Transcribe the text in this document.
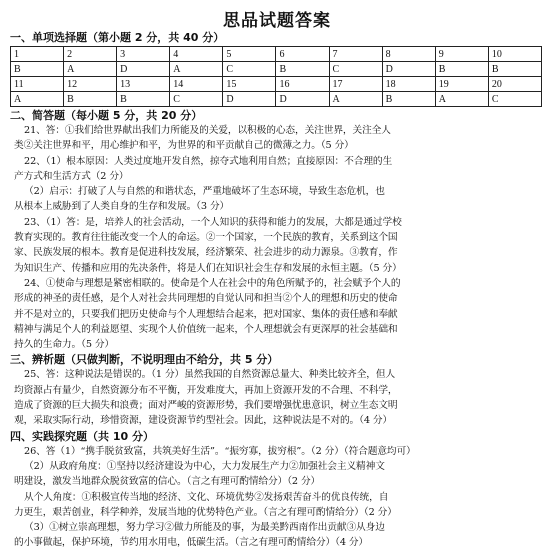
思品试题答案
一、单项选择题（第小题 2 分，共 40 分）
1	2	3	4	5	6	7	8	9	10
B	A	D	A	C	B	C	D	B	B
11	12	13	14	15	16	17	18	19	20
A	B	B	C	D	D	A	B	A	C
二、简答题（每小题 5 分，共 20 分）

21、答：①我们给世界献出我们力所能及的关爱，以积极的心态，关注世界，关注全人

类②关注世界和平，用心维护和平，为世界的和平贡献自己的微薄之力。（5 分）

22、（1）根本原因：人类过度地开发自然，掠夺式地利用自然；直接原因：不合理的生

产方式和生活方式（2 分）

（2）启示：打破了人与自然的和谐状态，严重地破坏了生态环境，导致生态危机，也

从根本上威胁到了人类自身的生存和发展。（3 分）

23、（1）答：是，培养人的社会活动，一个人知识的获得和能力的发展，大都是通过学校

教育实现的。教育往往能改变一个人的命运。②一个国家，一个民族的教育，关系到这个国

家、民族发展的根本。教育是促进科技发展，经济繁荣、社会进步的动力源泉。③教育，作

为知识生产、传播和应用的先决条件，将是人们在知识社会生存和发展的永恒主题。（5 分）

24、①使命与理想是紧密相联的。使命是个人在社会中的角色所赋予的，社会赋予个人的

形成的神圣的责任感，是个人对社会共同理想的自觉认同和担当②个人的理想和历史的使命

并不是对立的，只要我们把历史使命与个人理想结合起来，把对国家、集体的责任感和奉献

精神与满足个人的利益愿望、实现个人价值统一起来，个人理想就会有更深厚的社会基础和

持久的生命力。（5 分）

三、辨析题（只做判断，不说明理由不给分，共 5 分）

25、答：这种说法是错误的。（1 分）虽然我国的自然资源总量大、种类比较齐全，但人

均资源占有量少，自然资源分布不平衡，开发难度大，再加上资源开发的不合理、不科学，

造成了资源的巨大损失和浪费；面对严峻的资源形势，我们要增强忧患意识，树立生态文明

观，采取实际行动，珍惜资源，建设资源节约型社会。因此，这种说法是不对的。（4 分）

四、实践探究题（共 10 分）

26、答（1）“携手脱贫致富，共筑美好生活”。“振穷寡，拔穷根”。（2 分）（符合题意均可）

（2）从政府角度：①坚持以经济建设为中心，大力发展生产力②加强社会主义精神文

明建设，激发当地群众脱贫致富的信心。（言之有理可酌情给分）（2 分）

从个人角度：①积极宣传当地的经济、文化、环境优势②发扬艰苦奋斗的优良传统，自

力更生，艰苦创业，科学种养，发展当地的优势特色产业。（言之有理可酌情给分）（2 分）

（3）①树立崇高理想，努力学习②做力所能及的事，为最美黔西南作出贡献③从身边

的小事做起，保护环境，节约用水用电，低碳生活。（言之有理可酌情给分）（4 分）
